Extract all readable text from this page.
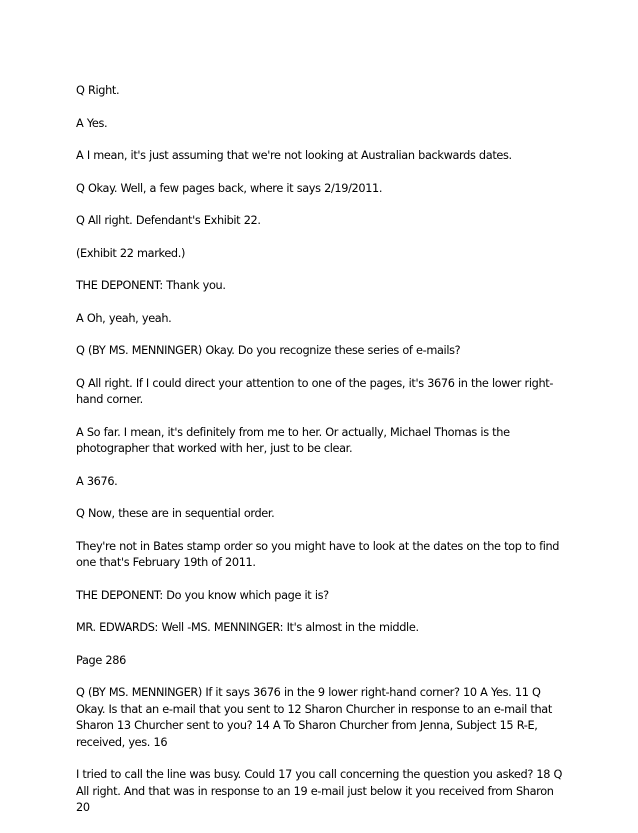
Q Right.

A Yes.

A I mean, it's just assuming that we're not looking at Australian backwards dates.

Q Okay. Well, a few pages back, where it says 2/19/2011.

Q All right. Defendant's Exhibit 22.

(Exhibit 22 marked.)

THE DEPONENT: Thank you.

A Oh, yeah, yeah.

Q (BY MS. MENNINGER) Okay. Do you recognize these series of e-mails?

Q All right. If I could direct your attention to one of the pages, it's 3676 in the lower right-hand corner.

A So far. I mean, it's definitely from me to her. Or actually, Michael Thomas is the photographer that worked with her, just to be clear.

A 3676.

Q Now, these are in sequential order.

They're not in Bates stamp order so you might have to look at the dates on the top to find one that's February 19th of 2011.

THE DEPONENT: Do you know which page it is?

MR. EDWARDS: Well -MS. MENNINGER: It's almost in the middle.

Page 286

Q (BY MS. MENNINGER) If it says 3676 in the 9 lower right-hand corner? 10 A Yes. 11 Q Okay. Is that an e-mail that you sent to 12 Sharon Churcher in response to an e-mail that Sharon 13 Churcher sent to you? 14 A To Sharon Churcher from Jenna, Subject 15 R-E, received, yes. 16

I tried to call the line was busy. Could 17 you call concerning the question you asked? 18 Q All right. And that was in response to an 19 e-mail just below it you received from Sharon 20
